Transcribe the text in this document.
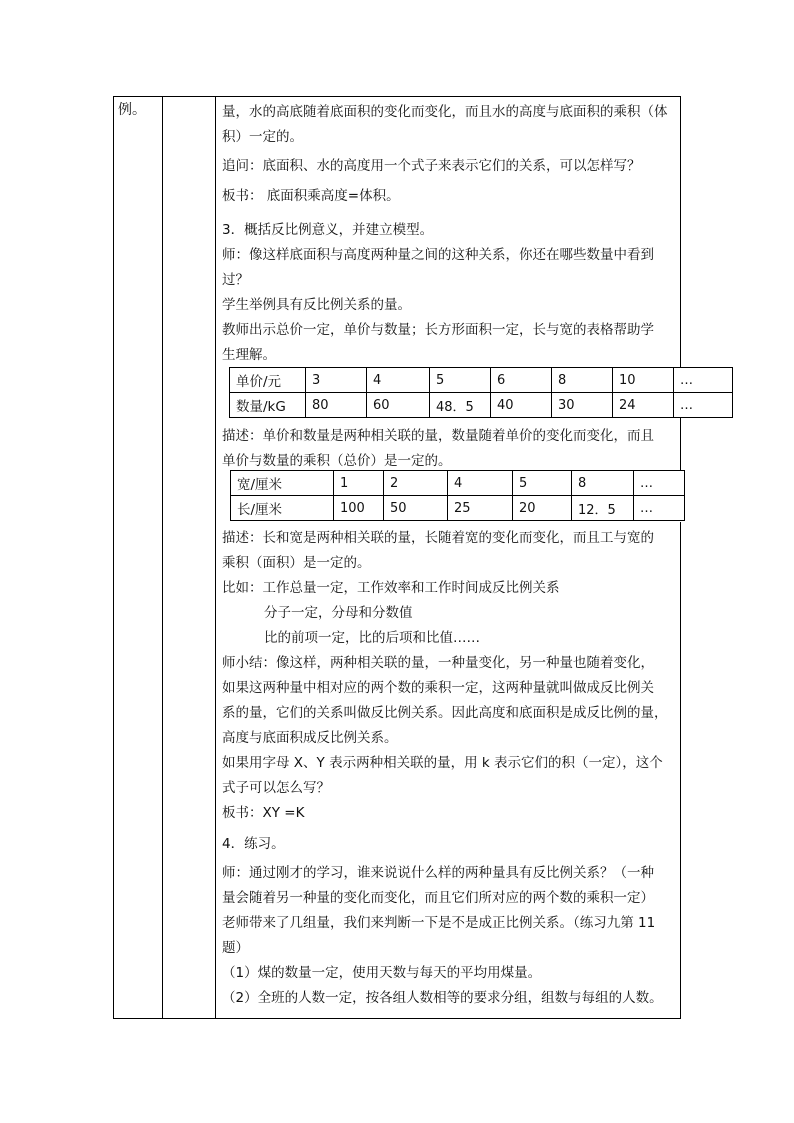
例。	量，水的高底随着底面积的变化而变化，而且水的高度与底面积的乘积（体

积）一定的。

追问：底面积、水的高度用一个式子来表示它们的关系，可以怎样写？

板书： 底面积乘高度=体积。

3．概括反比例意义，并建立模型。

师：像这样底面积与高度两种量之间的这种关系，你还在哪些数量中看到

过？

学生举例具有反比例关系的量。

教师出示总价一定，单价与数量；长方形面积一定，长与宽的表格帮助学

生理解。

单价/元	3	4	5	6	8	10	…
数量/kG	80	60	48．5	40	30	24	…

描述：单价和数量是两种相关联的量，数量随着单价的变化而变化，而且

单价与数量的乘积（总价）是一定的。

宽/厘米	1	2	4	5	8	…
长/厘米	100	50	25	20	12．5	…

描述：长和宽是两种相关联的量，长随着宽的变化而变化，而且工与宽的

乘积（面积）是一定的。

比如：工作总量一定，工作效率和工作时间成反比例关系

分子一定，分母和分数值

比的前项一定，比的后项和比值……

师小结：像这样，两种相关联的量，一种量变化，另一种量也随着变化，

如果这两种量中相对应的两个数的乘积一定，这两种量就叫做成反比例关

系的量，它们的关系叫做反比例关系。因此高度和底面积是成反比例的量，

高度与底面积成反比例关系。

如果用字母 X、Y 表示两种相关联的量，用 k 表示它们的积（一定），这个

式子可以怎么写？

板书：XY =K

4．练习。

师：通过刚才的学习，谁来说说什么样的两种量具有反比例关系？（一种

量会随着另一种量的变化而变化，而且它们所对应的两个数的乘积一定）

老师带来了几组量，我们来判断一下是不是成正比例关系。（练习九第 11

题）

（1）煤的数量一定，使用天数与每天的平均用煤量。

（2）全班的人数一定，按各组人数相等的要求分组，组数与每组的人数。
